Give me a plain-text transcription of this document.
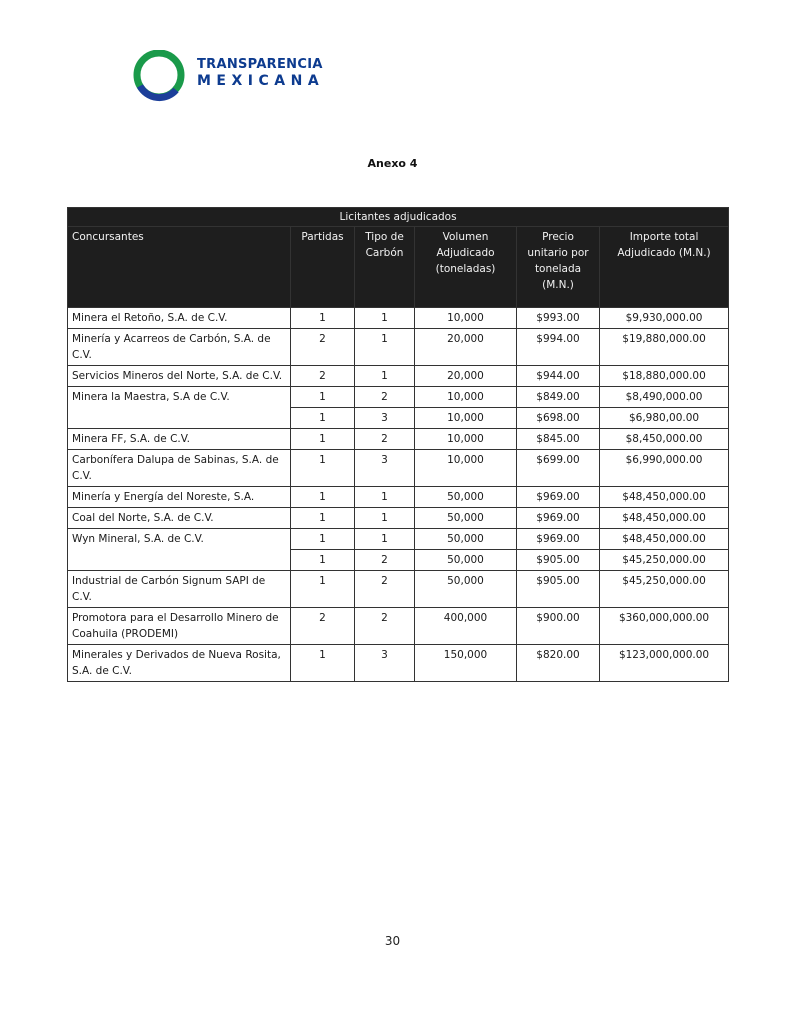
TRANSPARENCIA
MEXICANA
Anexo 4
Licitantes adjudicados					
Concursantes	Partidas	Tipo de Carbón	Volumen Adjudicado (toneladas)	Precio unitario por tonelada (M.N.)	Importe total Adjudicado (M.N.)
Minera el Retoño, S.A. de C.V.	1	1	10,000	$993.00	$9,930,000.00
Minería y Acarreos de Carbón, S.A. de C.V.	2	1	20,000	$994.00	$19,880,000.00
Servicios Mineros del Norte, S.A. de C.V.	2	1	20,000	$944.00	$18,880,000.00
Minera la Maestra, S.A de C.V.	1	2	10,000	$849.00	$8,490,000.00
	1	3	10,000	$698.00	$6,980,00.00
Minera FF, S.A. de C.V.	1	2	10,000	$845.00	$8,450,000.00
Carbonífera Dalupa de Sabinas, S.A. de C.V.	1	3	10,000	$699.00	$6,990,000.00
Minería y Energía del Noreste, S.A.	1	1	50,000	$969.00	$48,450,000.00
Coal del Norte, S.A. de C.V.	1	1	50,000	$969.00	$48,450,000.00
Wyn Mineral, S.A. de C.V.	1	1	50,000	$969.00	$48,450,000.00
	1	2	50,000	$905.00	$45,250,000.00
Industrial de Carbón Signum SAPI de C.V.	1	2	50,000	$905.00	$45,250,000.00
Promotora para el Desarrollo Minero de Coahuila (PRODEMI)	2	2	400,000	$900.00	$360,000,000.00
Minerales y Derivados de Nueva Rosita, S.A. de C.V.	1	3	150,000	$820.00	$123,000,000.00
30
